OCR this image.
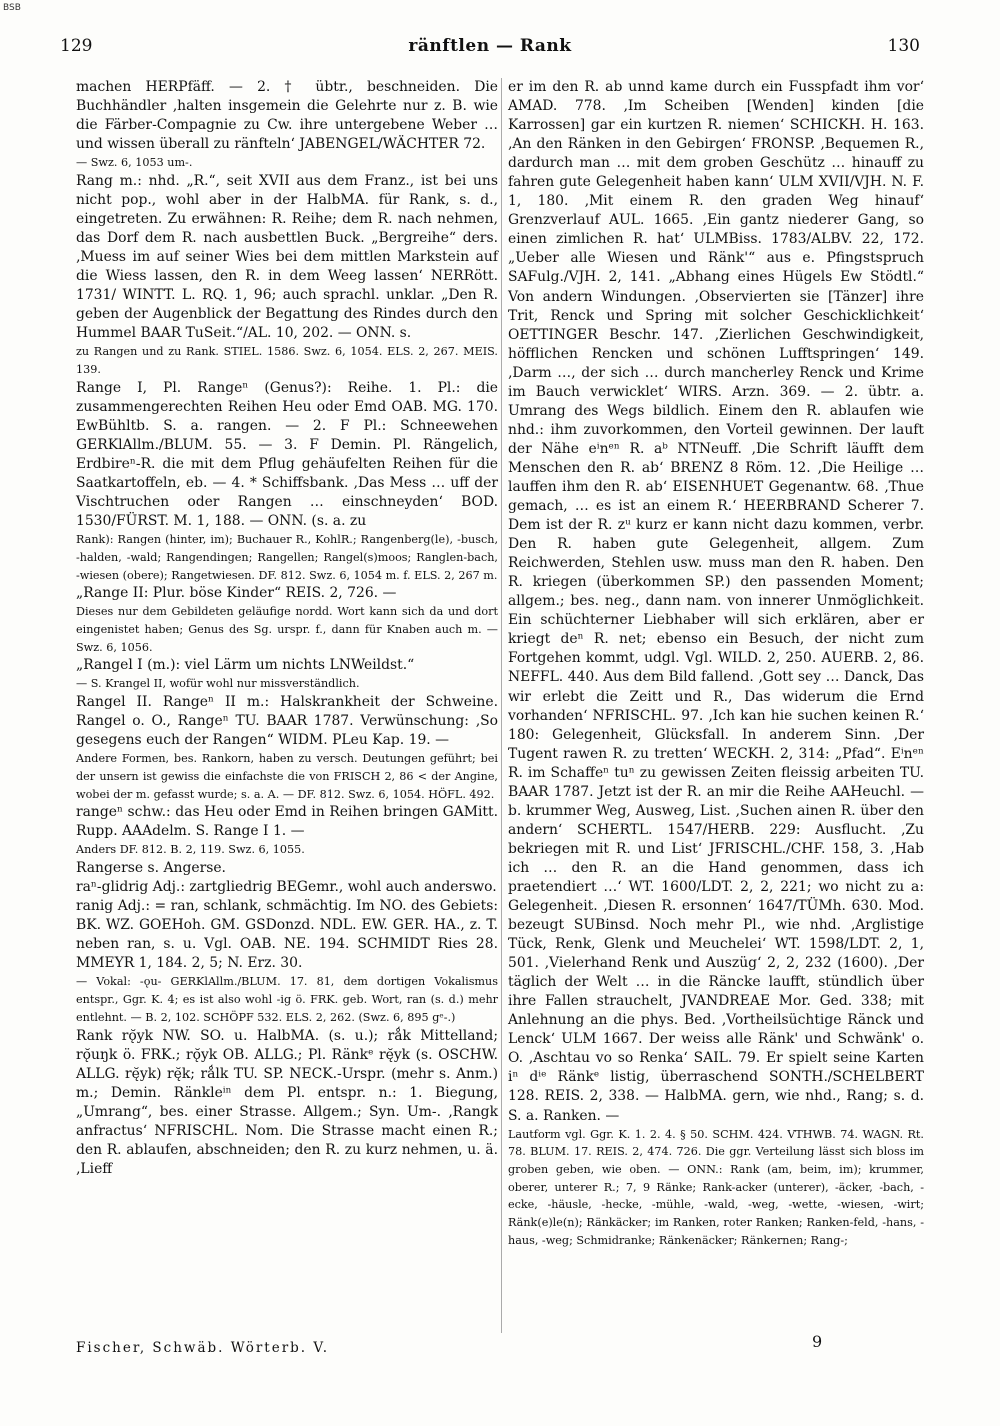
BSB
129	ränftlen — Rank	130

machen HERPfäff. — 2. † übtr., beschneiden. Die Buchhändler ‚halten insgemein die Gelehrte nur z. B. wie die Färber-Compagnie zu Cw. ihre untergebene Weber … und wissen überall zu ränfteln‘ JABENGEL/WÄCHTER 72.

— Swz. 6, 1053 um-.

Rang m.: nhd. „R.“, seit XVII aus dem Franz., ist bei uns nicht pop., wohl aber in der HalbMA. für Rank, s. d., eingetreten. Zu erwähnen: R. Reihe; dem R. nach nehmen, das Dorf dem R. nach ausbettlen Buck. „Bergreihe“ ders. ‚Muess im auf seiner Wies bei dem mittlen Markstein auf die Wiess lassen, den R. in dem Weeg lassen‘ NERRött. 1731/ WINTT. L. RQ. 1, 96; auch sprachl. unklar. „Den R. geben der Augenblick der Begattung des Rindes durch den Hummel BAAR TuSeit.“/AL. 10, 202. — ONN. s.

zu Rangen und zu Rank. STIEL. 1586. Swz. 6, 1054. ELS. 2, 267. MEIS. 139.

Range I, Pl. Rangeⁿ (Genus?): Reihe. 1. Pl.: die zusammengerechten Reihen Heu oder Emd OAB. MG. 170. EwBühltb. S. a. rangen. — 2. F Pl.: Schneewehen GERKlAllm./BLUM. 55. — 3. F Demin. Pl. Rängelich, Erdbireⁿ-R. die mit dem Pflug gehäufelten Reihen für die Saatkartoffeln, eb. — 4. * Schiffsbank. ‚Das Mess … uff der Vischtruchen oder Rangen … einschneyden‘ BOD. 1530/FÜRST. M. 1, 188. — ONN. (s. a. zu

Rank): Rangen (hinter, im); Buchauer R., KohlR.; Rangenberg(le), -busch, -halden, -wald; Rangendingen; Rangellen; Rangel(s)moos; Ranglen-bach, -wiesen (obere); Rangetwiesen. DF. 812. Swz. 6, 1054 m. f. ELS. 2, 267 m.

„Range II: Plur. böse Kinder“ REIS. 2, 726. —

Dieses nur dem Gebildeten geläufige nordd. Wort kann sich da und dort eingenistet haben; Genus des Sg. urspr. f., dann für Knaben auch m. — Swz. 6, 1056.

„Rangel I (m.): viel Lärm um nichts LNWeildst.“

— S. Krangel II, wofür wohl nur missverständlich.

Rangel II. Rangeⁿ II m.: Halskrankheit der Schweine. Rangel o. O., Rangeⁿ TU. BAAR 1787. Verwünschung: ‚So gesegens euch der Rangen“ WIDM. PLeu Kap. 19. —

Andere Formen, bes. Rankorn, haben zu versch. Deutungen geführt; bei der unsern ist gewiss die einfachste die von FRISCH 2, 86 < der Angine, wobei der m. gefasst wurde; s. a. A. — DF. 812. Swz. 6, 1054. HÖFL. 492.

rangeⁿ schw.: das Heu oder Emd in Reihen bringen GAMitt. Rupp. AAAdelm. S. Range I 1. —

Anders DF. 812. B. 2, 119. Swz. 6, 1055.

Rangerse s. Angerse.

raⁿ-glidrig Adj.: zartgliedrig BEGemr., wohl auch anderswo.

ranig Adj.: = ran, schlank, schmächtig. Im NO. des Gebiets: BK. WZ. GOEHoh. GM. GSDonzd. NDL. EW. GER. HA., z. T. neben ran, s. u. Vgl. OAB. NE. 194. SCHMIDT Ries 28. MMEYR 1, 184. 2, 5; N. Erz. 30.

— Vokal: -ǫu- GERKlAllm./BLUM. 17. 81, dem dortigen Vokalismus entspr., Ggr. K. 4; es ist also wohl -ig ö. FRK. geb. Wort, ran (s. d.) mehr entlehnt. — B. 2, 102. SCHÖPF 532. ELS. 2, 262. (Swz. 6, 895 gᵉ-.)

Rank rǫ̆yk NW. SO. u. HalbMA. (s. u.); rǻk Mittelland; rǫ̆uŋk ö. FRK.; rǫ̆yk OB. ALLG.; Pl. Ränkᵉ rę̆yk (s. OSCHW. ALLG. rę̆yk) rę̆k; rǻlk TU. SP. NECK.-Urspr. (mehr s. Anm.) m.; Demin. Ränkleⁱⁿ dem Pl. entspr. n.: 1. Biegung, „Umrang“, bes. einer Strasse. Allgem.; Syn. Um-. ‚Rangk anfractus‘ NFRISCHL. Nom. Die Strasse macht einen R.; den R. ablaufen, abschneiden; den R. zu kurz nehmen, u. ä. ‚Lieff

er im den R. ab unnd kame durch ein Fusspfadt ihm vor‘ AMAD. 778. ‚Im Scheiben [Wenden] kinden [die Karrossen] gar ein kurtzen R. niemen‘ SCHICKH. H. 163. ‚An den Ränken in den Gebirgen‘ FRONSP. ‚Bequemen R., dardurch man … mit dem groben Geschütz … hinauff zu fahren gute Gelegenheit haben kann‘ ULM XVII/VJH. N. F. 1, 180. ‚Mit einem R. den graden Weg hinauf‘ Grenzverlauf AUL. 1665. ‚Ein gantz niederer Gang, so einen zimlichen R. hat‘ ULMBiss. 1783/ALBV. 22, 172. „Ueber alle Wiesen und Ränk'“ aus e. Pfingstspruch SAFulg./VJH. 2, 141. „Abhang eines Hügels Ew Stödtl.“ Von andern Windungen. ‚Observierten sie [Tänzer] ihre Trit, Renck und Spring mit solcher Geschicklichkeit‘ OETTINGER Beschr. 147. ‚Zierlichen Geschwindigkeit, höfflichen Rencken und schönen Lufftspringen‘ 149. ‚Darm …, der sich … durch mancherley Renck und Krime im Bauch verwicklet‘ WIRS. Arzn. 369. — 2. übtr. a. Umrang des Wegs bildlich. Einem den R. ablaufen wie nhd.: ihm zuvorkommen, den Vorteil gewinnen. Der lauft der Nähe eⁱnᵉⁿ R. aᵇ NTNeuff. ‚Die Schrift läufft dem Menschen den R. ab‘ BRENZ 8 Röm. 12. ‚Die Heilige … lauffen ihm den R. ab‘ EISENHUET Gegenantw. 68. ‚Thue gemach, … es ist an einem R.‘ HEERBRAND Scherer 7. Dem ist der R. zᵘ kurz er kann nicht dazu kommen, verbr. Den R. haben gute Gelegenheit, allgem. Zum Reichwerden, Stehlen usw. muss man den R. haben. Den R. kriegen (überkommen SP.) den passenden Moment; allgem.; bes. neg., dann nam. von innerer Unmöglichkeit. Ein schüchterner Liebhaber will sich erklären, aber er kriegt deⁿ R. net; ebenso ein Besuch, der nicht zum Fortgehen kommt, udgl. Vgl. WILD. 2, 250. AUERB. 2, 86. NEFFL. 440. Aus dem Bild fallend. ‚Gott sey … Danck, Das wir erlebt die Zeitt und R., Das widerum die Ernd vorhanden‘ NFRISCHL. 97. ‚Ich kan hie suchen keinen R.‘ 180: Gelegenheit, Glücksfall. In anderem Sinn. ‚Der Tugent rawen R. zu tretten‘ WECKH. 2, 314: „Pfad“. Eⁱnᵉⁿ R. im Schaffeⁿ tuⁿ zu gewissen Zeiten fleissig arbeiten TU. BAAR 1787. Jetzt ist der R. an mir die Reihe AAHeuchl. — b. krummer Weg, Ausweg, List. ‚Suchen ainen R. über den andern‘ SCHERTL. 1547/HERB. 229: Ausflucht. ‚Zu bekriegen mit R. und List‘ JFRISCHL./CHF. 158, 3. ‚Hab ich … den R. an die Hand genommen, dass ich praetendiert …‘ WT. 1600/LDT. 2, 2, 221; wo nicht zu a: Gelegenheit. ‚Diesen R. ersonnen‘ 1647/TÜMh. 630. Mod. bezeugt SUBinsd. Noch mehr Pl., wie nhd. ‚Arglistige Tück, Renk, Glenk und Meuchelei‘ WT. 1598/LDT. 2, 1, 501. ‚Vielerhand Renk und Auszüg‘ 2, 2, 232 (1600). ‚Der täglich der Welt … in die Rӓncke laufft, stündlich über ihre Fallen strauchelt, JVANDREAE Mor. Ged. 338; mit Anlehnung an die phys. Bed. ‚Vortheilsüchtige Rӓnck und Lenck‘ ULM 1667. Der weiss alle Ränk' und Schwänk' o. O. ‚Aschtau vo so Renka‘ SAIL. 79. Er spielt seine Karten iⁿ dⁱᵉ Ränkᵉ listig, überraschend SONTH./SCHELBERT 128. REIS. 2, 338. — HalbMA. gern, wie nhd., Rang; s. d. S. a. Ranken. —

Lautform vgl. Ggr. K. 1. 2. 4. § 50. SCHM. 424. VTHWB. 74. WAGN. Rt. 78. BLUM. 17. REIS. 2, 474. 726. Die ggr. Verteilung lässt sich bloss im groben geben, wie oben. — ONN.: Rank (am, beim, im); krummer, oberer, unterer R.; 7, 9 Ränke; Rank-acker (unterer), -äcker, -bach, -ecke, -häusle, -hecke, -mühle, -wald, -weg, -wette, -wiesen, -wirt; Ränk(e)le(n); Ränkäcker; im Ranken, roter Ranken; Ranken-feld, -hans, -haus, -weg; Schmidranke; Ränkenäcker; Ränkernen; Rang-;

Fischer, Schwäb. Wörterb. V.	9
